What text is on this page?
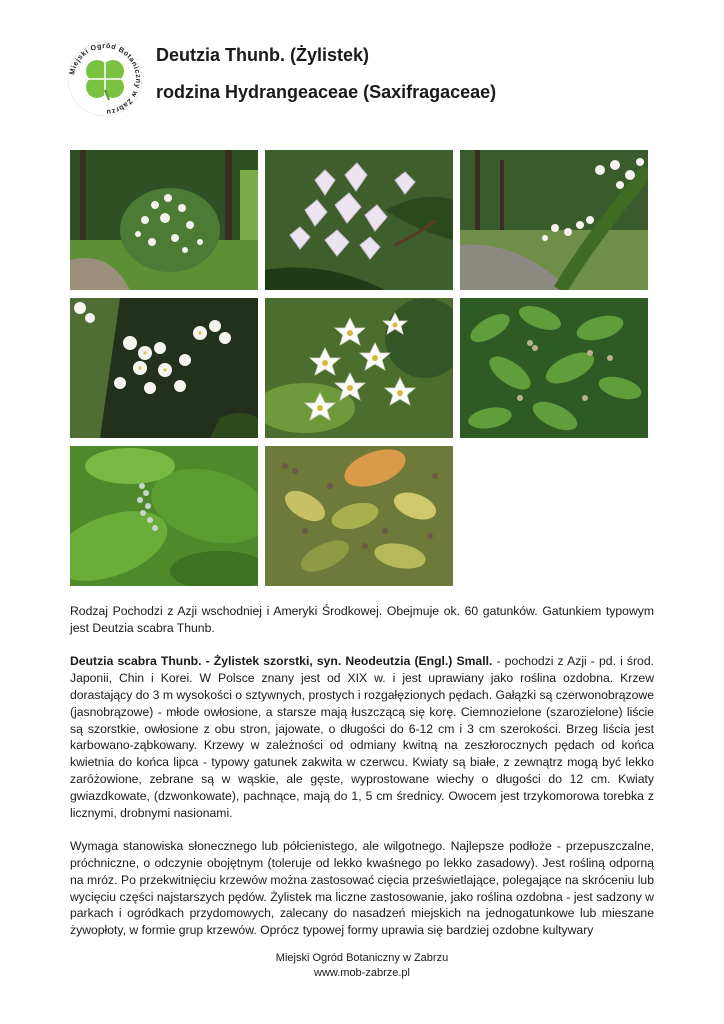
Miejski Ogród Botaniczny w Zabrzu
Deutzia Thunb. (Żylistek)
rodzina Hydrangeaceae (Saxifragaceae)

Rodzaj Pochodzi z Azji wschodniej i Ameryki Środkowej. Obejmuje ok. 60 gatunków. Gatunkiem typowym jest Deutzia scabra Thunb.

Deutzia scabra Thunb. - Żylistek szorstki, syn. Neodeutzia (Engl.) Small. - pochodzi z Azji - pd. i środ. Japonii, Chin i Korei. W Polsce znany jest od XIX w. i jest uprawiany jako roślina ozdobna. Krzew dorastający do 3 m wysokości o sztywnych, prostych i rozgałęzionych pędach. Gałązki są czerwonobrązowe (jasnobrązowe) - młode owłosione, a starsze mają łuszczącą się korę. Ciemnozielone (szarozielone) liście są szorstkie, owłosione z obu stron, jajowate, o długości do 6-12 cm i 3 cm szerokości. Brzeg liścia jest karbowano-ząbkowany. Krzewy w zależności od odmiany kwitną na zeszłorocznych pędach od końca kwietnia do końca lipca - typowy gatunek zakwita w czerwcu. Kwiaty są białe, z zewnątrz mogą być lekko zaróżowione, zebrane są w wąskie, ale gęste, wyprostowane wiechy o długości do 12 cm. Kwiaty gwiazdkowate, (dzwonkowate), pachnące, mają do 1, 5 cm średnicy. Owocem jest trzykomorowa torebka z licznymi, drobnymi nasionami.

Wymaga stanowiska słonecznego lub półcienistego, ale wilgotnego. Najlepsze podłoże - przepuszczalne, próchniczne, o odczynie obojętnym (toleruje od lekko kwaśnego po lekko zasadowy). Jest rośliną odporną na mróz. Po przekwitnięciu krzewów można zastosować cięcia prześwietlające, polegające na skróceniu lub wycięciu części najstarszych pędów. Żylistek ma liczne zastosowanie, jako roślina ozdobna - jest sadzony w parkach i ogródkach przydomowych, zalecany do nasadzeń miejskich na jednogatunkowe lub mieszane żywopłoty, w formie grup krzewów. Oprócz typowej formy uprawia się bardziej ozdobne kultywary

Miejski Ogród Botaniczny w Zabrzu
www.mob-zabrze.pl
